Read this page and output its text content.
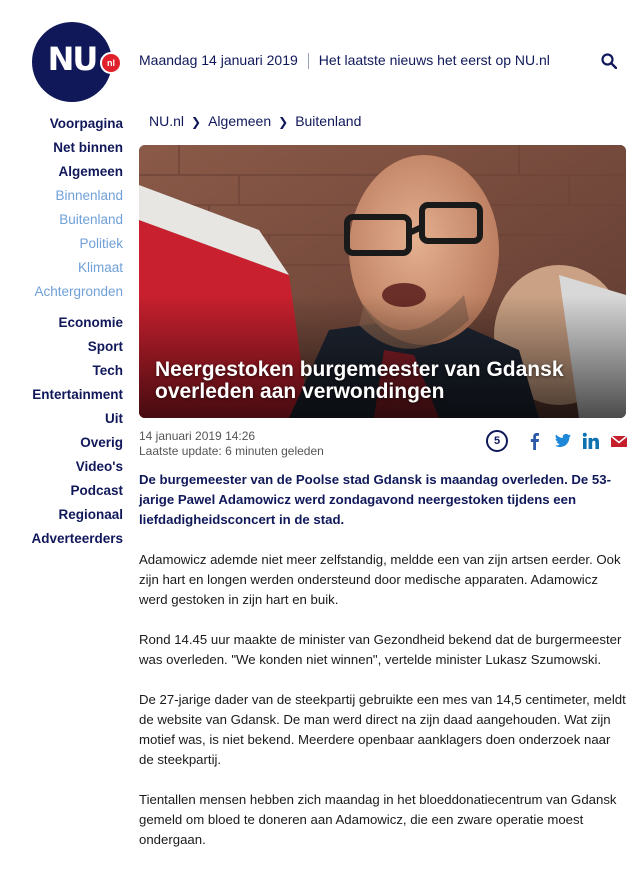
NU	nl	Maandag 14 januari 2019 Het laatste nieuws het eerst op NU.nl
Voorpagina
Net binnen
Algemeen
Binnenland
Buitenland
Politiek
Klimaat
Achtergronden
Economie
Sport
Tech
Entertainment
Uit
Overig
Video's
Podcast
Regionaal
Adverteerders
NU.nl ❯ Algemeen ❯ Buitenland
Neergestoken burgemeester van Gdansk overleden aan verwondingen
14 januari 2019 14:26
Laatste update: 6 minuten geleden
5

De burgemeester van de Poolse stad Gdansk is maandag overleden. De 53-jarige Pawel Adamowicz werd zondagavond neergestoken tijdens een liefdadigheidsconcert in de stad.

Adamowicz ademde niet meer zelfstandig, meldde een van zijn artsen eerder. Ook zijn hart en longen werden ondersteund door medische apparaten. Adamowicz werd gestoken in zijn hart en buik.

Rond 14.45 uur maakte de minister van Gezondheid bekend dat de burgermeester was overleden. "We konden niet winnen", vertelde minister Lukasz Szumowski.

De 27-jarige dader van de steekpartij gebruikte een mes van 14,5 centimeter, meldt de website van Gdansk. De man werd direct na zijn daad aangehouden. Wat zijn motief was, is niet bekend. Meerdere openbaar aanklagers doen onderzoek naar de steekpartij.

Tientallen mensen hebben zich maandag in het bloeddonatiecentrum van Gdansk gemeld om bloed te doneren aan Adamowicz, die een zware operatie moest ondergaan.
